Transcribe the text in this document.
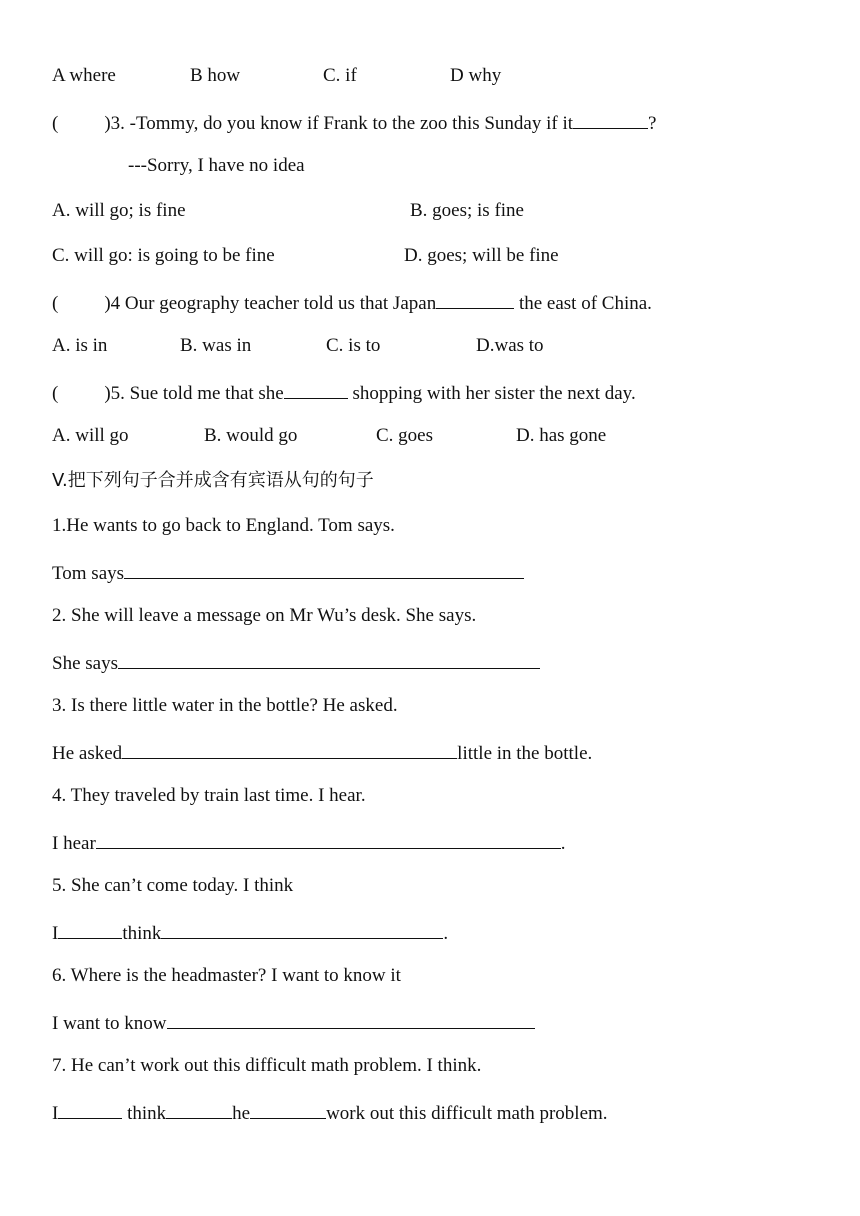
A where	B how	C. if	D why
( )3. -Tommy, do you know if Frank to the zoo this Sunday if it	?
---Sorry, I have no idea
A. will go; is fine	B. goes; is fine
C. will go: is going to be fine	D. goes; will be fine
( )4 Our geography teacher told us that Japan	the east of China.
A. is in	B. was in	C. is to	D.was to
( )5. Sue told me that she	shopping with her sister the next day.
A. will go	B. would go	C. goes	D. has gone
V.把下列句子合并成含有宾语从句的句子
1.He wants to go back to England. Tom says.
Tom says
2. She will leave a message on Mr Wu’s desk. She says.
She says
3. Is there little water in the bottle? He asked.
He asked	little in the bottle.
4. They traveled by train last time. I hear.
I hear	.
5. She can’t come today. I think
I	think	.
6. Where is the headmaster? I want to know it
I want to know
7. He can’t work out this difficult math problem. I think.
I	think	he	work out this difficult math problem.
